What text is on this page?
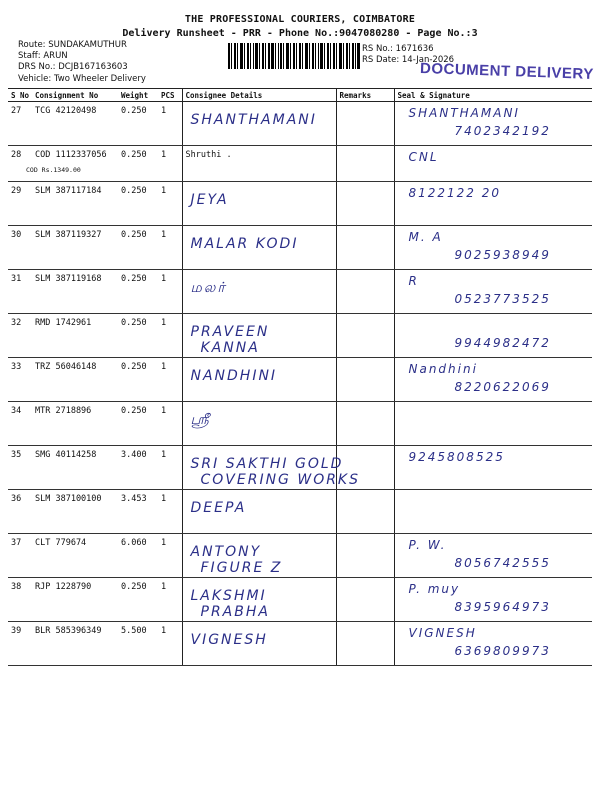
THE PROFESSIONAL COURIERS, COIMBATORE
Delivery Runsheet - PRR - Phone No.:9047080280 - Page No.:3
Route: SUNDAKAMUTHUR
Staff: ARUN
DRS No.: DCJB167163603
Vehicle: Two Wheeler Delivery
RS No.: 1671636
RS Date: 14-Jan-2026
DOCUMENT DELIVERY
S No	Consignment No	Weight	PCS	Consignee Details	Remarks	Seal & Signature
27	TCG 42120498	0.250	1	SHANTHAMANI		SHANTHAMANI
7402342192

28	COD 1112337056	0.250	1	Shruthi .		CNL

29	SLM 387117184	0.250	1	JEYA		8122122 20

30	SLM 387119327	0.250	1	MALAR KODI		M. A
9025938949

31	SLM 387119168	0.250	1	மலர்		R
0523773525

32	RMD 1742961	0.250	1	PRAVEEN
KANNA		9944982472

33	TRZ 56046148	0.250	1	NANDHINI		Nandhini
8220622069

34	MTR 2718896	0.250	1	ஸ்ரீ		

35	SMG 40114258	3.400	1	SRI SAKTHI GOLD
COVERING WORKS		9245808525

36	SLM 387100100	3.453	1	DEEPA		

37	CLT 779674	6.060	1	ANTONY
FIGURE Z		P. W.
8056742555

38	RJP 1228790	0.250	1	LAKSHMI
PRABHA		P. muy
8395964973

39	BLR 585396349	5.500	1	VIGNESH		VIGNESH
6369809973
COD Rs.1349.00
